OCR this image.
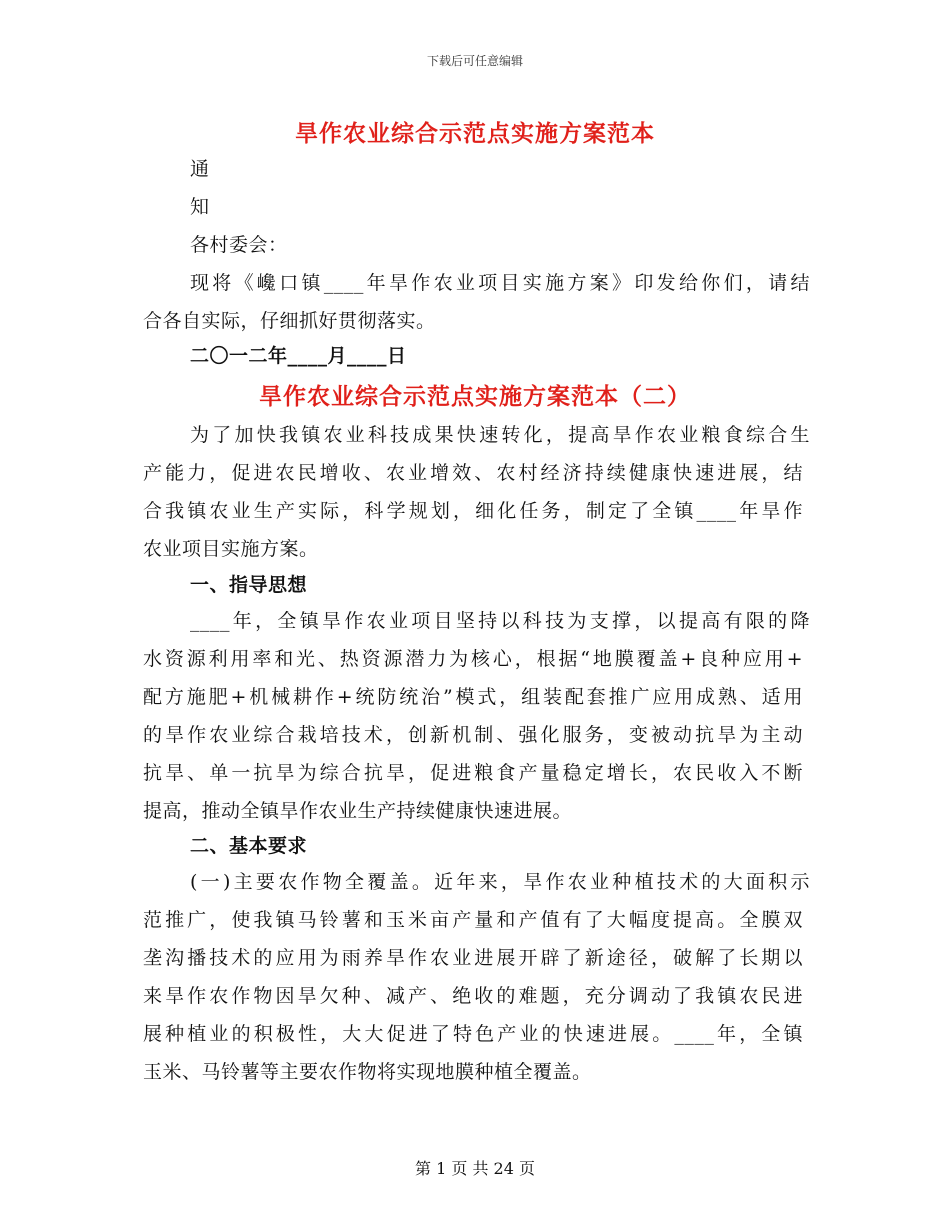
下载后可任意编辑
旱作农业综合示范点实施方案范本
通
知
各村委会：
现将《巉口镇____年旱作农业项目实施方案》印发给你们，请结
合各自实际，仔细抓好贯彻落实。
二〇一二年____月____日
旱作农业综合示范点实施方案范本（二）
为了加快我镇农业科技成果快速转化，提高旱作农业粮食综合生
产能力，促进农民增收、农业增效、农村经济持续健康快速进展，结
合我镇农业生产实际，科学规划，细化任务，制定了全镇____年旱作
农业项目实施方案。
一、指导思想
____年，全镇旱作农业项目坚持以科技为支撑，以提高有限的降
水资源利用率和光、热资源潜力为核心，根据“地膜覆盖+良种应用+
配方施肥+机械耕作+统防统治”模式，组装配套推广应用成熟、适用
的旱作农业综合栽培技术，创新机制、强化服务，变被动抗旱为主动
抗旱、单一抗旱为综合抗旱，促进粮食产量稳定增长，农民收入不断
提高，推动全镇旱作农业生产持续健康快速进展。
二、基本要求
(一)主要农作物全覆盖。近年来，旱作农业种植技术的大面积示
范推广，使我镇马铃薯和玉米亩产量和产值有了大幅度提高。全膜双
垄沟播技术的应用为雨养旱作农业进展开辟了新途径，破解了长期以
来旱作农作物因旱欠种、减产、绝收的难题，充分调动了我镇农民进
展种植业的积极性，大大促进了特色产业的快速进展。____年，全镇
玉米、马铃薯等主要农作物将实现地膜种植全覆盖。
第 1 页 共 24 页
